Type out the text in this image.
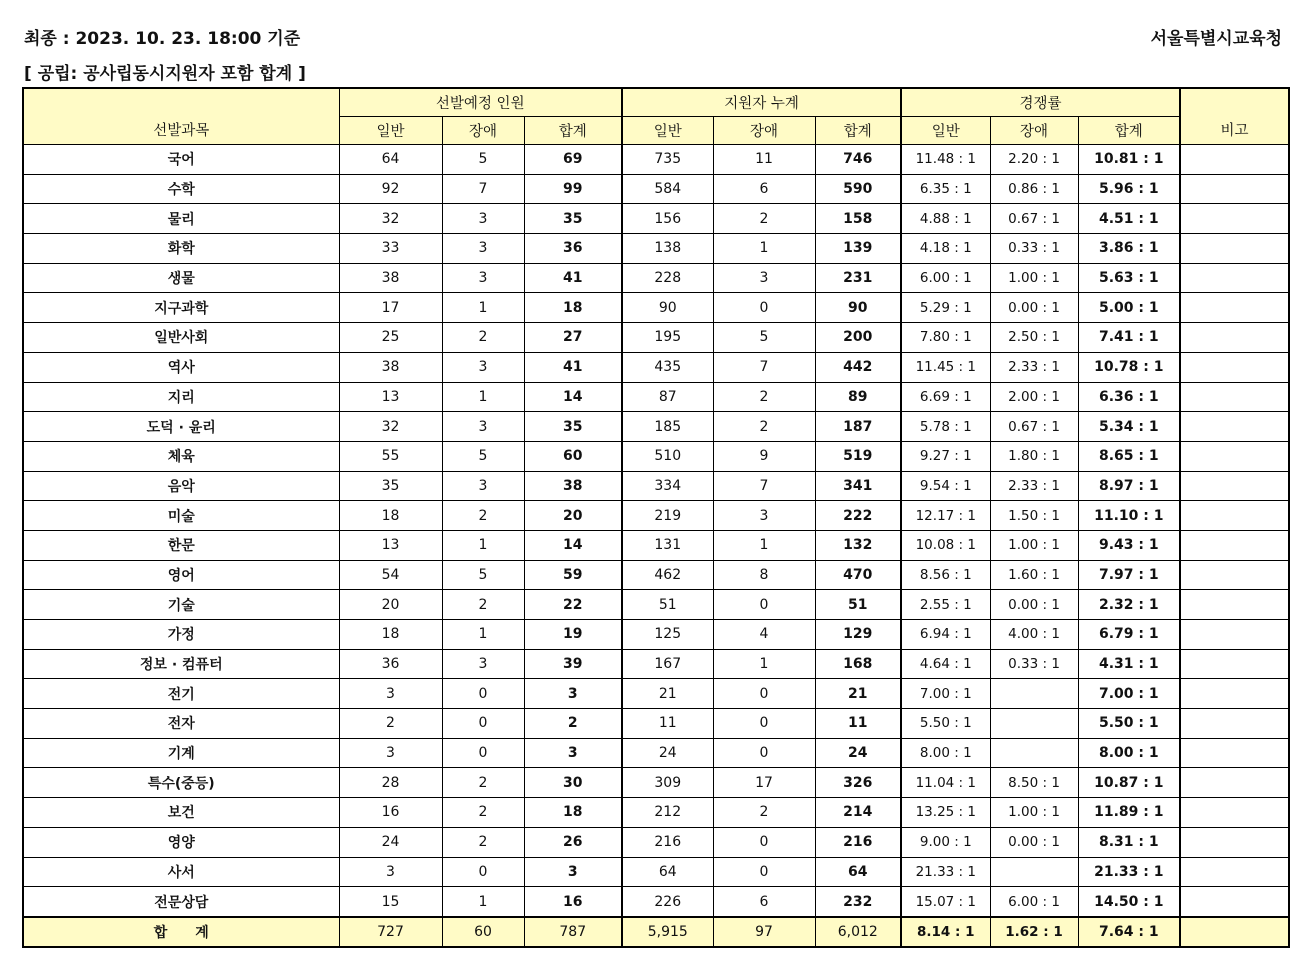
최종 : 2023. 10. 23. 18:00 기준	서울특별시교육청
[ 공립: 공사립동시지원자 포함 합계 ]
선발과목	선발예정 인원			지원자 누계			경쟁률			비고
	일반	장애	합계	일반	장애	합계	일반	장애	합계	
국어	64	5	69	735	11	746	11.48 : 1	2.20 : 1	10.81 : 1	
수학	92	7	99	584	6	590	6.35 : 1	0.86 : 1	5.96 : 1	
물리	32	3	35	156	2	158	4.88 : 1	0.67 : 1	4.51 : 1	
화학	33	3	36	138	1	139	4.18 : 1	0.33 : 1	3.86 : 1	
생물	38	3	41	228	3	231	6.00 : 1	1.00 : 1	5.63 : 1	
지구과학	17	1	18	90	0	90	5.29 : 1	0.00 : 1	5.00 : 1	
일반사회	25	2	27	195	5	200	7.80 : 1	2.50 : 1	7.41 : 1	
역사	38	3	41	435	7	442	11.45 : 1	2.33 : 1	10.78 : 1	
지리	13	1	14	87	2	89	6.69 : 1	2.00 : 1	6.36 : 1	
도덕 · 윤리	32	3	35	185	2	187	5.78 : 1	0.67 : 1	5.34 : 1	
체육	55	5	60	510	9	519	9.27 : 1	1.80 : 1	8.65 : 1	
음악	35	3	38	334	7	341	9.54 : 1	2.33 : 1	8.97 : 1	
미술	18	2	20	219	3	222	12.17 : 1	1.50 : 1	11.10 : 1	
한문	13	1	14	131	1	132	10.08 : 1	1.00 : 1	9.43 : 1	
영어	54	5	59	462	8	470	8.56 : 1	1.60 : 1	7.97 : 1	
기술	20	2	22	51	0	51	2.55 : 1	0.00 : 1	2.32 : 1	
가정	18	1	19	125	4	129	6.94 : 1	4.00 : 1	6.79 : 1	
정보 · 컴퓨터	36	3	39	167	1	168	4.64 : 1	0.33 : 1	4.31 : 1	
전기	3	0	3	21	0	21	7.00 : 1		7.00 : 1	
전자	2	0	2	11	0	11	5.50 : 1		5.50 : 1	
기계	3	0	3	24	0	24	8.00 : 1		8.00 : 1	
특수(중등)	28	2	30	309	17	326	11.04 : 1	8.50 : 1	10.87 : 1	
보건	16	2	18	212	2	214	13.25 : 1	1.00 : 1	11.89 : 1	
영양	24	2	26	216	0	216	9.00 : 1	0.00 : 1	8.31 : 1	
사서	3	0	3	64	0	64	21.33 : 1		21.33 : 1	
전문상담	15	1	16	226	6	232	15.07 : 1	6.00 : 1	14.50 : 1	
합　　계	727	60	787	5,915	97	6,012	8.14 : 1	1.62 : 1	7.64 : 1	
